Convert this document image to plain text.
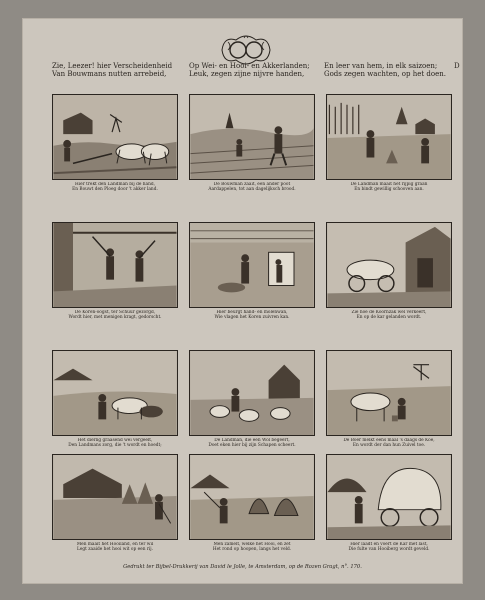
Zie, Leezer! hier Verscheidenheid
Van Bouwmans nutten arrebeid,
Op Wei- en Hooi- en Akkerlanden;
Leuk, zegen zijne nijvre handen,
En leer van hem, in elk saizoen;
Gods zegen wachten, op het doen.
D
Hier trekt den Landman bij de hand,
En Bouwt den Ploeg door 't akker land.
De Bouwman zaait, een ander poot
Aardappelen, tot aan dagelijksch brood.
De Landman maait het rijpig graan
En bindt gewillig schooven aan.
De Koren-oogst, ter Schuur gezorgd,
Wordt hier, met menigen kragt, gedorscht.
Hier beurgt hand- en molenwan,
Wie vlagen het Koren zuivren kan.
Zie hoe de Koornzak wel verkeert,
En op de kar gelanden wordt.
Het dierlig graasend wei vergeelt,
Den Landmans zorg, die 't wordt en hoedt;
De Landman, die een Wol begeert,
Doet eken hier bij zijn Schapen scheert.
De Boer melkt eens maal 's daags de Koe,
En wordt der dan hun Zuivel toe.
Men maait het Hooiland, en ter wil
Legt zaaide het hooi wit op een rij.
Men zamelt, welke het Hooi, en zet
Het rond op hoopen, langs het veld.
Hier laadt en voert de Kar met last,
Die fulte van Hooiberg wordt geveld.
Gedrukt ter Bijbel-Drukkerij van David le Jolle, te Amsterdam, op de Rozen Gragt, n°. 170.
